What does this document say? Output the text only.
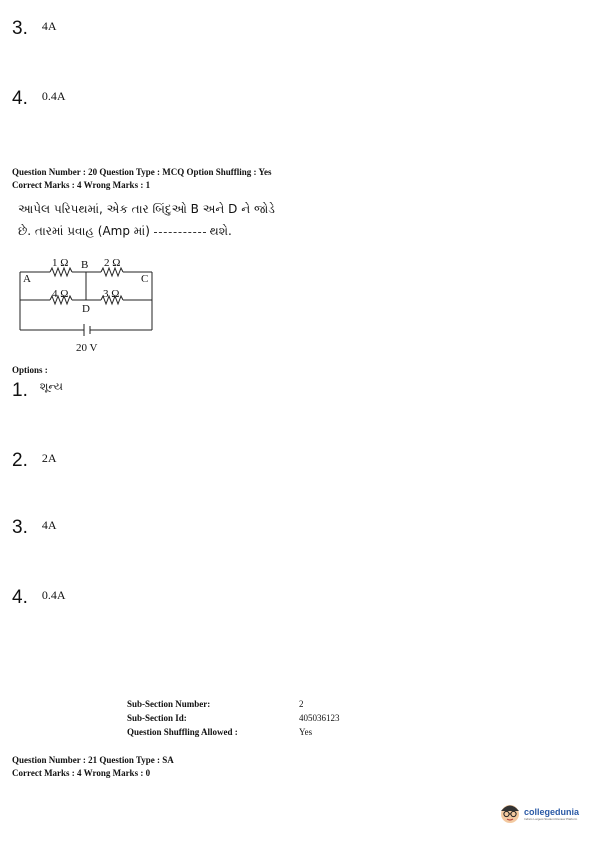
3. $^{4A}$
4. $^{0.4A}$
Question Number : 20 Question Type : MCQ Option Shuffling : Yes
Correct Marks : 4 Wrong Marks : 1
આપેલ પરિપથમાં, એક તાર બિંદુઓ B અને D ને જોડે
છે. તારમાં પ્રવાહ (Amp માં)	થશે.
1 Ω	2 Ω
4 Ω	3 Ω
B
A	C
D
20 V
Options :
1. $^{શૂન્ય}$
2. $^{2A}$
3. $^{4A}$
4. $^{0.4A}$
Sub-Section Number:	2
Sub-Section Id:	405036123
Question Shuffling Allowed :	Yes
Question Number : 21 Question Type : SA
Correct Marks : 4 Wrong Marks : 0
collegedunia
India's Largest Student Review Platform
